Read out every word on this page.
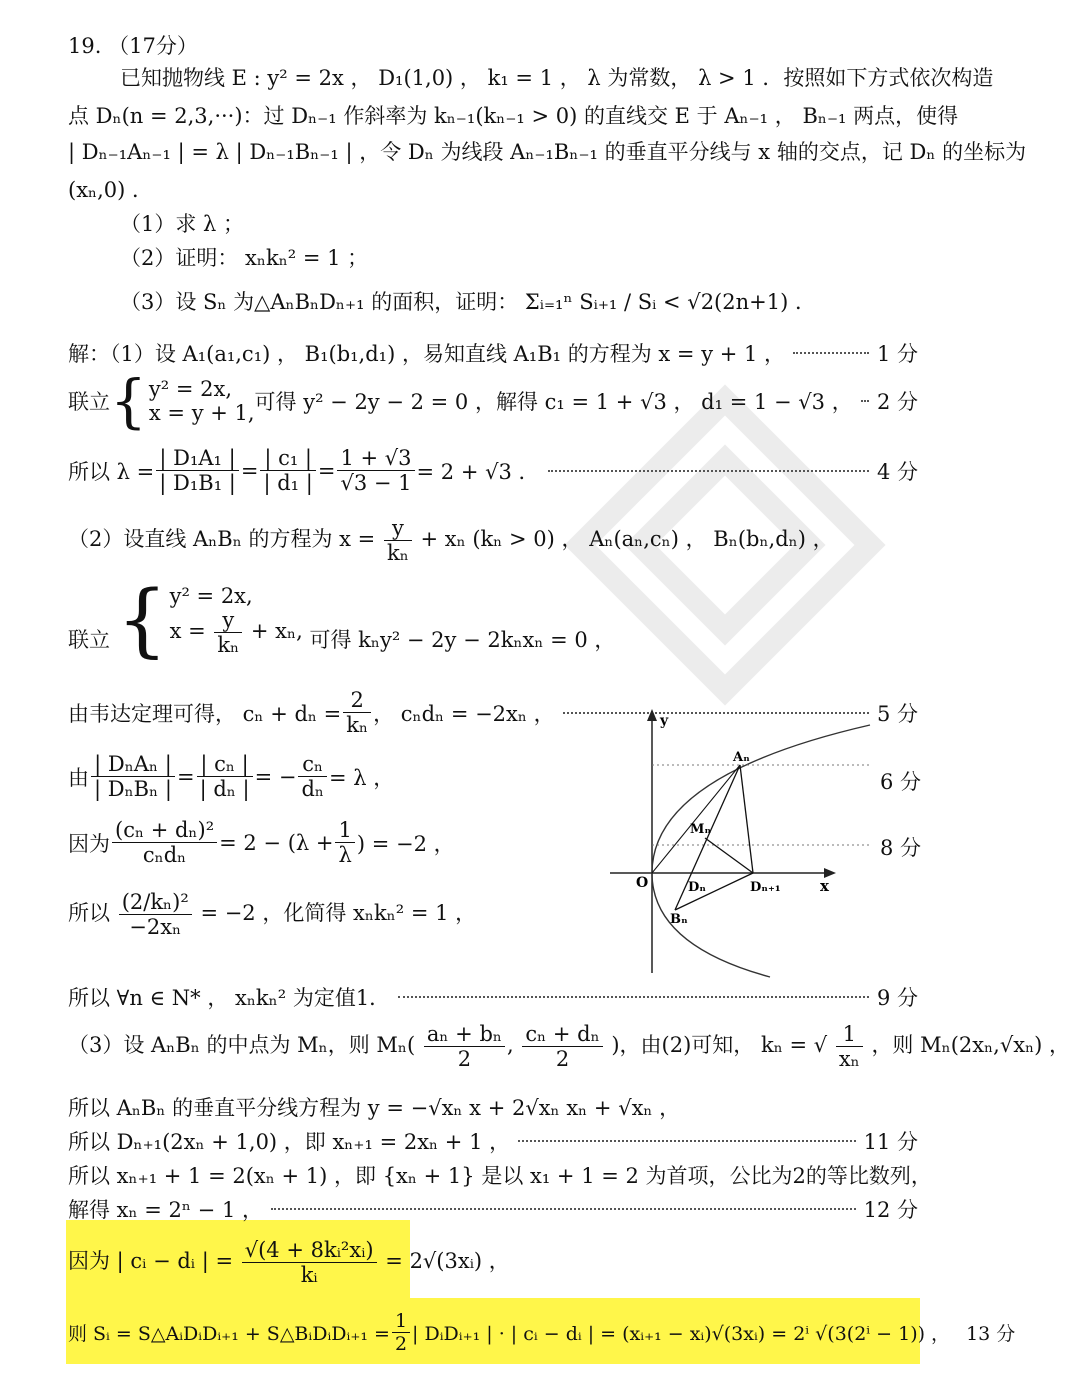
19. （17分）
已知抛物线 E : y² = 2x ， D₁(1,0) ， k₁ = 1 ， λ 为常数， λ > 1 ．按照如下方式依次构造
点 Dₙ(n = 2,3,···)：过 Dₙ₋₁ 作斜率为 kₙ₋₁(kₙ₋₁ > 0) 的直线交 E 于 Aₙ₋₁ ， Bₙ₋₁ 两点，使得
| Dₙ₋₁Aₙ₋₁ | = λ | Dₙ₋₁Bₙ₋₁ | ，令 Dₙ 为线段 Aₙ₋₁Bₙ₋₁ 的垂直平分线与 x 轴的交点，记 Dₙ 的坐标为
(xₙ,0) ．
（1）求 λ ；
（2）证明： xₙkₙ² = 1 ；
（3）设 Sₙ 为△AₙBₙDₙ₊₁ 的面积，证明： Σᵢ₌₁ⁿ Sᵢ₊₁ / Sᵢ < √2(2n+1) ．
解：（1）设 A₁(a₁,c₁) ， B₁(b₁,d₁) ，易知直线 A₁B₁ 的方程为 x = y + 1 ，	1 分
联立 { y² = 2x,
x = y + 1, 可得 y² − 2y − 2 = 0 ，解得 c₁ = 1 + √3 ， d₁ = 1 − √3 ， 2 分
所以 $\lambda = \frac{\text{| D₁A₁ |}}{\text{| D₁B₁ |}} = \frac{\text{| c₁ |}}{\text{| d₁ |}} = \frac{1 + √3}{√3 - 1} = 2 + √3$ ．	4 分
（2）设直线 AₙBₙ 的方程为 $x = \frac{y}{\text{kₙ}} + x_n$ (kₙ > 0) ， Aₙ(aₙ,cₙ) ， Bₙ(bₙ,dₙ) ，
联立 { y² = 2x,
$x = \frac{y}{\text{kₙ}} + x_n$, 可得 kₙy² − 2y − 2kₙxₙ = 0 ，
由韦达定理可得， $c_n + d_n = \frac{2}{\text{kₙ}}$ ， cₙdₙ = −2xₙ ，	5 分
由 $\frac{\text{| DₙAₙ |}}{\text{| DₙBₙ |}} = \frac{\text{| cₙ |}}{\text{| dₙ |}}$ = − $\frac{\text{cₙ}}{\text{dₙ}} = \lambda$ ，	6 分
因为 $\frac{\text{(cₙ + dₙ)²}}{\text{cₙdₙ}} = 2 - (\lambda + \frac{1}{\lambda}$ ) = −2 ，	8 分
所以 $\frac{\text{(2/kₙ)²}}{\text{−2xₙ}} = -2$ ，化简得 xₙkₙ² = 1 ，
所以 ∀n ∈ N* ， xₙkₙ² 为定值1．	9 分
（3）设 AₙBₙ 的中点为 Mₙ，则 $M_n( \frac{\text{aₙ + bₙ}}{2}$ , $\frac{\text{cₙ + dₙ}}{2}$ )，由(2)可知， kₙ = √ $\frac{1}{\text{xₙ}}$ ，则 Mₙ(2xₙ,√xₙ) ，
所以 AₙBₙ 的垂直平分线方程为 y = −√xₙ x + 2√xₙ xₙ + √xₙ ，
所以 Dₙ₊₁(2xₙ + 1,0) ，即 xₙ₊₁ = 2xₙ + 1 ，	11 分
所以 xₙ₊₁ + 1 = 2(xₙ + 1) ，即 {xₙ + 1} 是以 x₁ + 1 = 2 为首项，公比为2的等比数列，
解得 xₙ = 2ⁿ − 1 ，	12 分
因为 | cᵢ − dᵢ | = $\frac{\text{√(4 + 8kᵢ²xᵢ)}}{\text{kᵢ}}$ = 2√(3xᵢ) ，
则 Sᵢ = S△AᵢDᵢDᵢ₊₁ + S△BᵢDᵢDᵢ₊₁ = $\frac{1}{2}$ | DᵢDᵢ₊₁ | · | cᵢ − dᵢ | = (xᵢ₊₁ − xᵢ)√(3xᵢ) = 2ⁱ √(3(2ⁱ − 1)) ， 13 分
y
x
O
Aₙ
Bₙ
Mₙ
Dₙ	Dₙ₊₁
